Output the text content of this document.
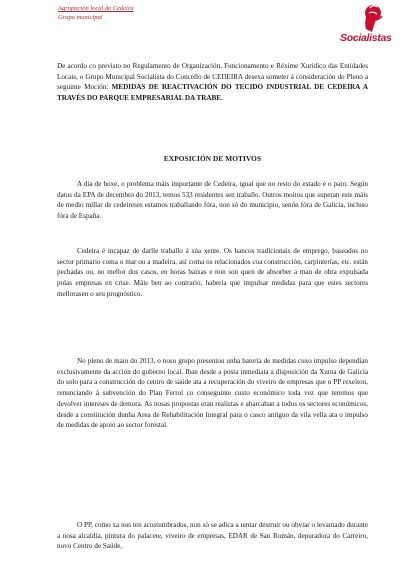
Agrupación local de Cedeira
Grupo municipal
Socialistas

De acordo co previsto no Regulamento de Organización, Funcionamento e Réxime Xurídico das Entidades Locais, o Grupo Municipal Socialista do Concello de CEDEIRA desexa someter á consideración do Pleno a seguinte Moción: MEDIDAS DE REACTIVACIÓN DO TECIDO INDUSTRIAL DE CEDEIRA A TRAVÉS DO PARQUE EMPRESARIAL DA TRABE.

EXPOSICIÓN DE MOTIVOS

A día de hoxe, o problema máis importante de Cedeira, igual que no resto do estado é o paro. Según datos da EPA de decembro do 2013, temos 533 residentes sen traballo. Outros moitos que superan este máis de medio millar de cedeireses estamos traballando fóra, non só do municipio, senón fóra de Galicia, incluso fóra de España.

Cedeira é incapaz de darlle traballo á súa xente. Os bancos tradicionais de emprego, baseados no sector primario coma o mar ou a madeira, así coma os relacionados coa construcción, carpinterías, etc. están pechadas ou, no mellor dos casos, en horas baixas e non son quen de absorber a man de obra expulsada polas empresas en crise. Máis ben ao contrario, habería que impulsar medidas para que estes sectores mellorasen o seu prognóstico.

No pleno de maio do 2013, o noso grupo presentou unha batería de medidas cuxo impulso dependían exclusivamente da acción do goberno local. Iban desde a posta inmediata a disposición da Xunta de Galicia do solo para a construcción do centro de saúde ata a recuperación do viveiro de empresas que o PP rexeitou, renunciando á subvención do Plan Ferrol co conseguinte custo económico toda vez que teremos que devolver intereses de demora. As nosas propostas eran realistas e abarcaban a todos os sectores económicos, desde a constitución dunha Area de Rehabilitación Integral para o casco antiguo da vila vella ata o impulso de medidas de apoio ao sector forestal.

O PP, como xa nos ten acostumbrados, non só se adica a tentar destruir ou obviar o levantado durante a nosa alcaldía, pintura do palacete, viveiro de empresas, EDAR de San Román, depuradora do Carreiro, novo Centro de Saúde,
